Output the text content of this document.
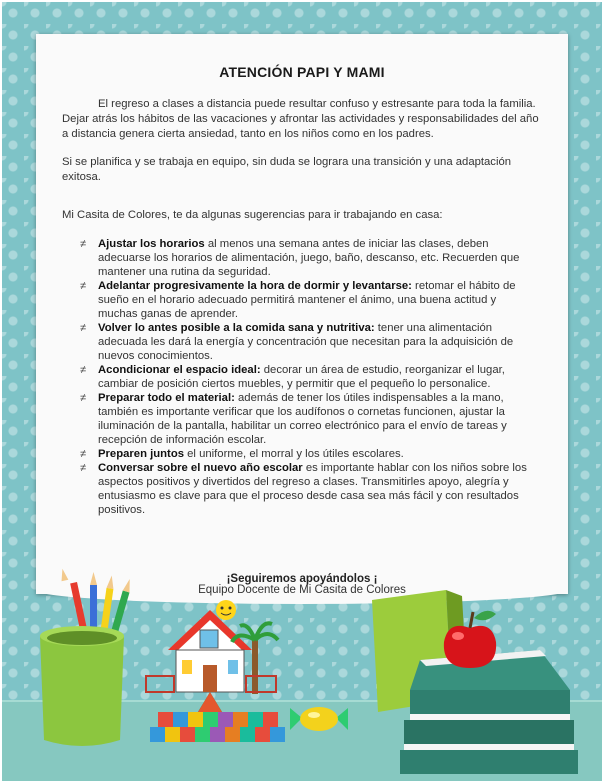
ATENCIÓN PAPI Y MAMI
El regreso a clases a distancia puede resultar confuso y estresante para toda la familia. Dejar atrás los hábitos de las vacaciones y afrontar las actividades y responsabilidades del año a distancia genera cierta ansiedad, tanto en los niños como en los padres.
Si se planifica y se trabaja en equipo, sin duda se lograra una transición y una adaptación exitosa.
Mi Casita de Colores, te da algunas sugerencias para ir trabajando en casa:
≠ Ajustar los horarios al menos una semana antes de iniciar las clases, deben adecuarse los horarios de alimentación, juego, baño, descanso, etc. Recuerden que mantener una rutina da seguridad.
≠ Adelantar progresivamente la hora de dormir y levantarse: retomar el hábito de sueño en el horario adecuado permitirá mantener el ánimo, una buena actitud y muchas ganas de aprender.
≠ Volver lo antes posible a la comida sana y nutritiva: tener una alimentación adecuada les dará la energía y concentración que necesitan para la adquisición de nuevos conocimientos.
≠ Acondicionar el espacio ideal: decorar un área de estudio, reorganizar el lugar, cambiar de posición ciertos muebles, y permitir que el pequeño lo personalice.
≠ Preparar todo el material: además de tener los útiles indispensables a la mano, también es importante verificar que los audífonos o cornetas funcionen, ajustar la iluminación de la pantalla, habilitar un correo electrónico para el envío de tareas y recepción de información escolar.
≠ Preparen juntos el uniforme, el morral y los útiles escolares.
≠ Conversar sobre el nuevo año escolar es importante hablar con los niños sobre los aspectos positivos y divertidos del regreso a clases. Transmitirles apoyo, alegría y entusiasmo es clave para que el proceso desde casa sea más fácil y con resultados positivos.
¡Seguiremos apoyándolos ¡
Equipo Docente de Mi Casita de Colores
